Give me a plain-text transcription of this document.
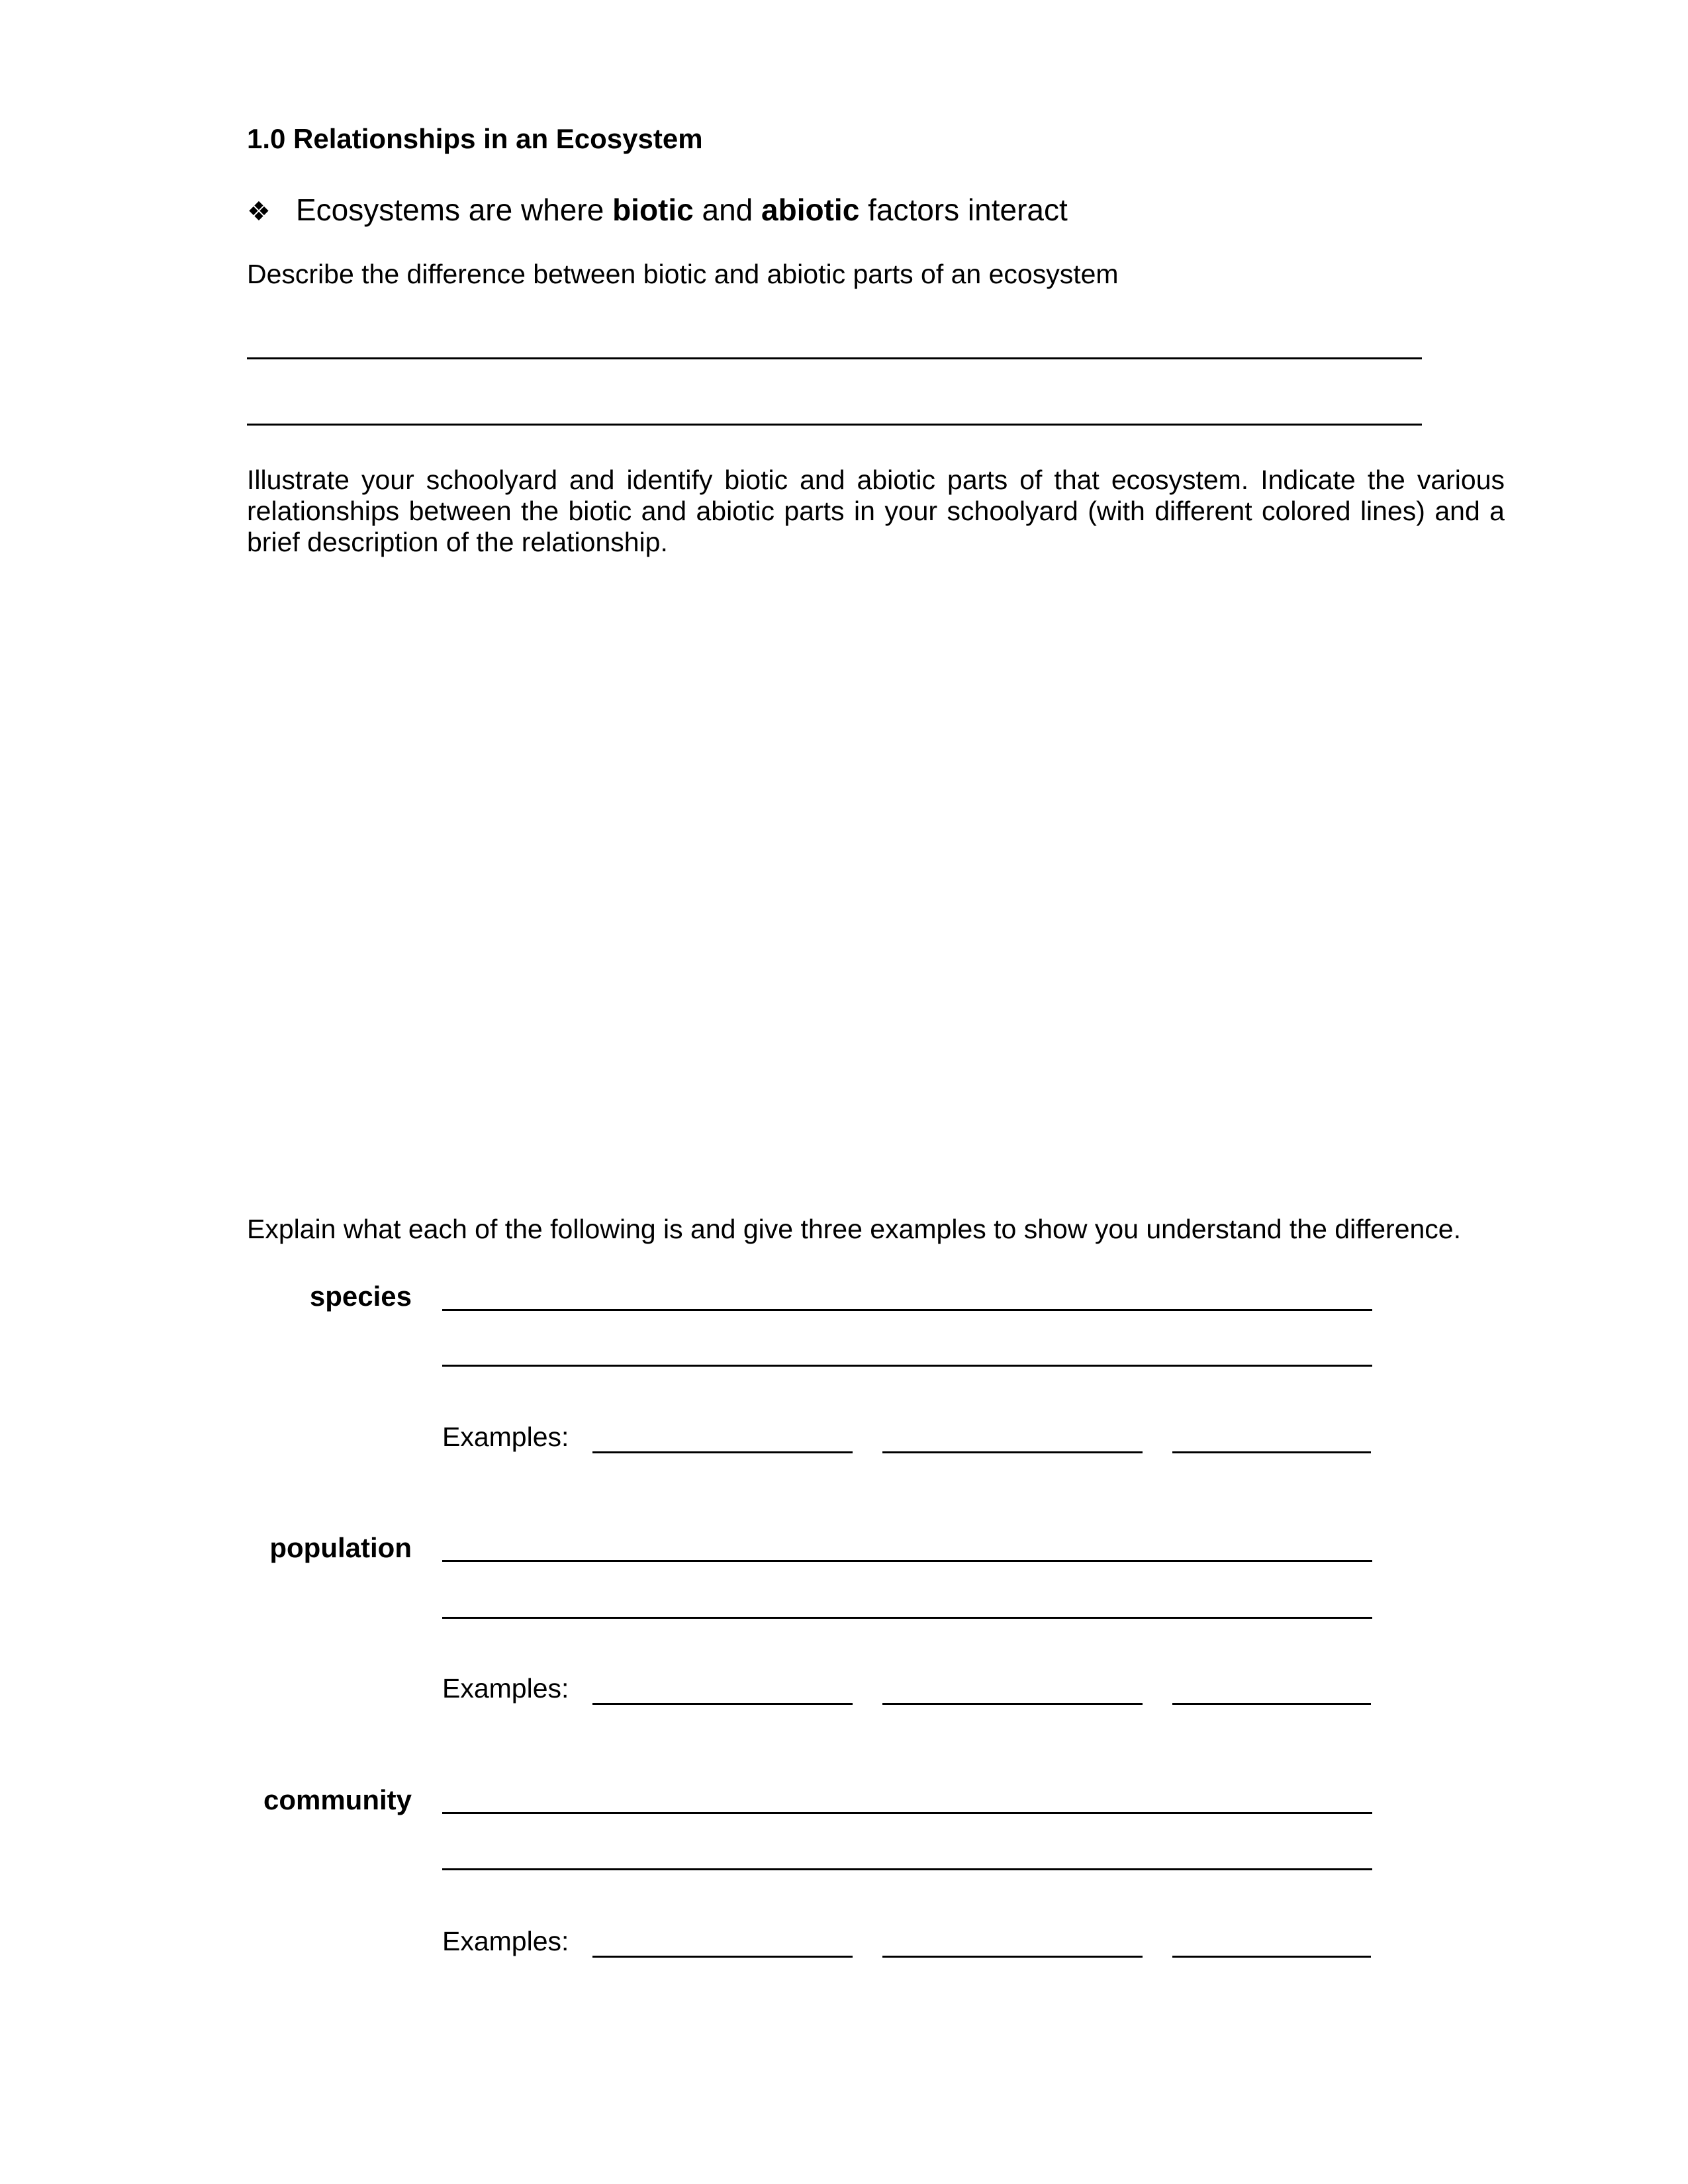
1.0 Relationships in an Ecosystem
❖ Ecosystems are where biotic and abiotic factors interact
Describe the difference between biotic and abiotic parts of an ecosystem
Illustrate your schoolyard and identify biotic and abiotic parts of that ecosystem. Indicate the various relationships between the biotic and abiotic parts in your schoolyard (with different colored lines) and a brief description of the relationship.
Explain what each of the following is and give three examples to show you understand the difference.
species
Examples:
population
Examples:
community
Examples:
